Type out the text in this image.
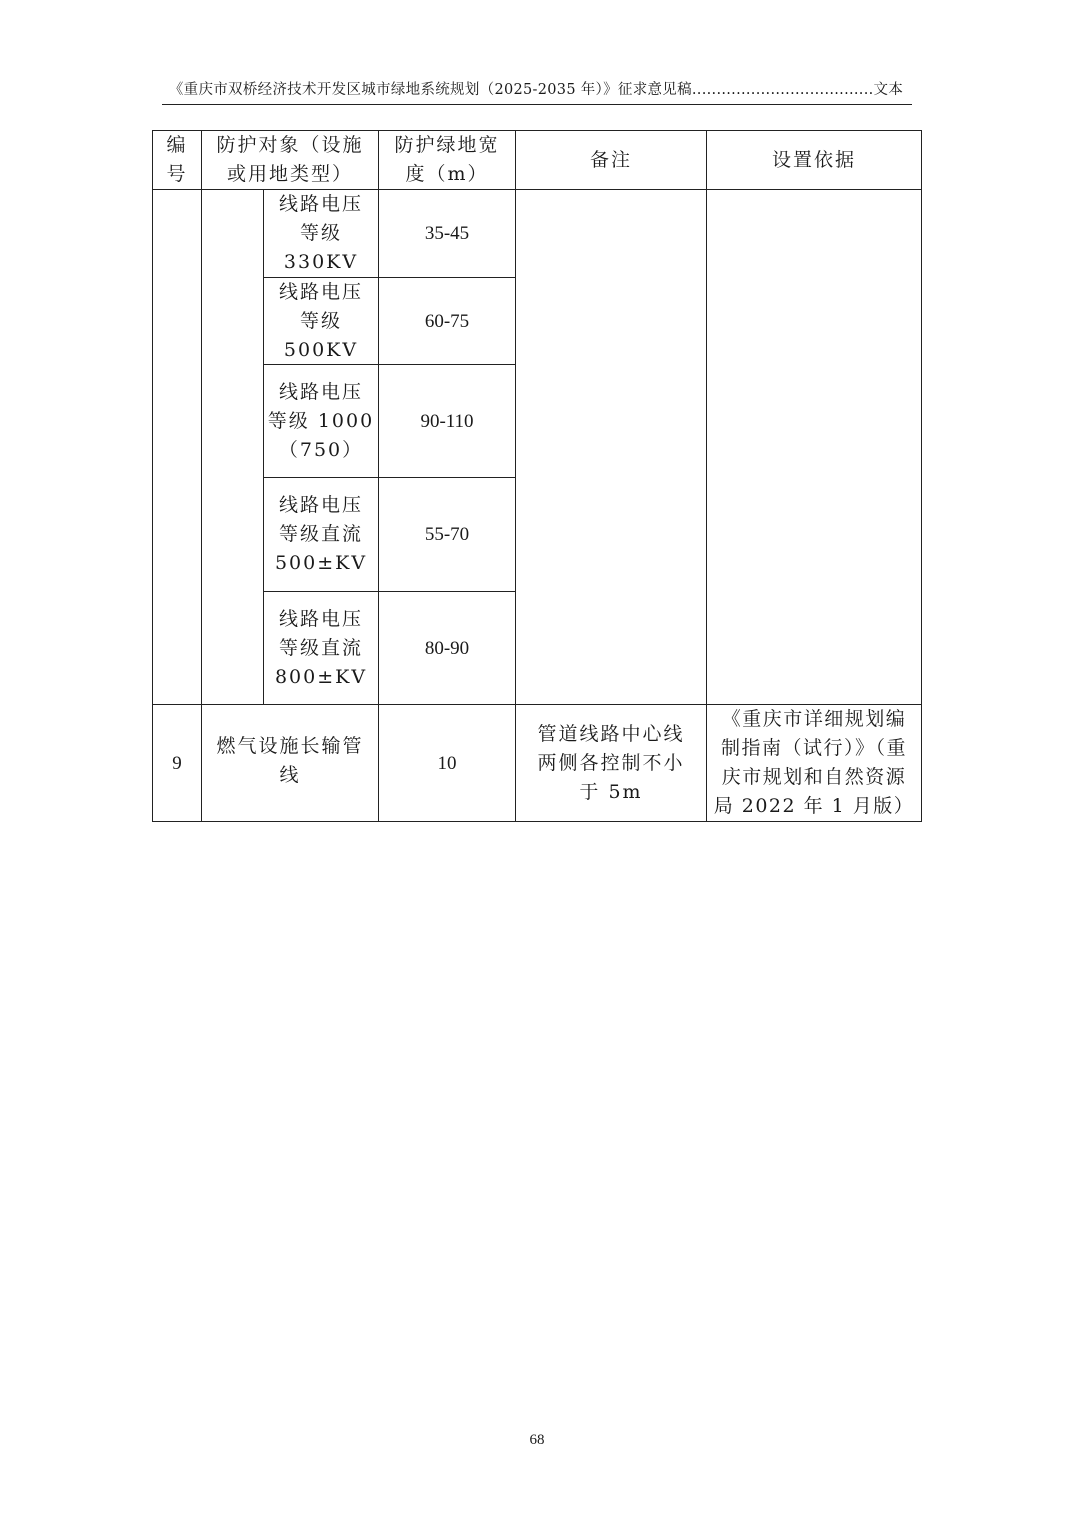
《重庆市双桥经济技术开发区城市绿地系统规划（2025-2035 年）》征求意见稿.....................................文本
编
号
防护对象（设施
或用地类型）
防护绿地宽
度（m）
备注	设置依据
线路电压
等级
330KV
35-45
线路电压
等级
500KV
60-75
线路电压
等级 1000
（750）
90-110
线路电压
等级直流
500±KV
55-70
线路电压
等级直流
800±KV
80-90
9
燃气设施长输管
线
10
管道线路中心线
两侧各控制不小
于 5m
《重庆市详细规划编
制指南（试行）》（重
庆市规划和自然资源
局 2022 年 1 月版）
68
